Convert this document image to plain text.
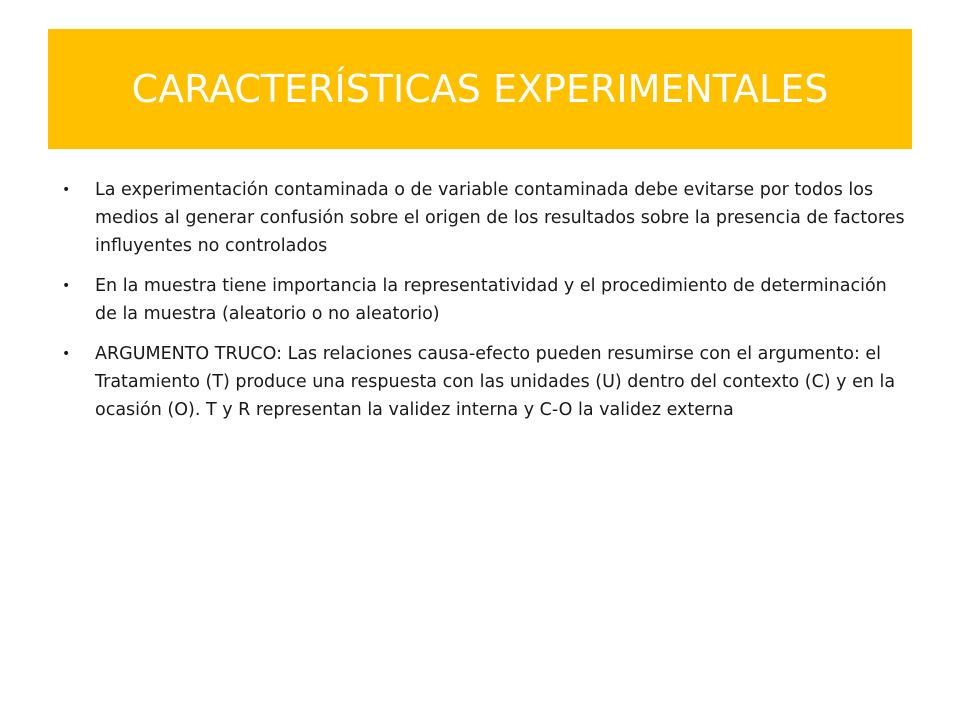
CARACTERÍSTICAS EXPERIMENTALES
• La experimentación contaminada o de variable contaminada debe evitarse por todos los medios al generar confusión sobre el origen de los resultados sobre la presencia de factores influyentes no controlados
• En la muestra tiene importancia la representatividad y el procedimiento de determinación de la muestra (aleatorio o no aleatorio)
• ARGUMENTO TRUCO: Las relaciones causa-efecto pueden resumirse con el argumento: el Tratamiento (T) produce una respuesta con las unidades (U) dentro del contexto (C) y en la ocasión (O). T y R representan la validez interna y C-O la validez externa
